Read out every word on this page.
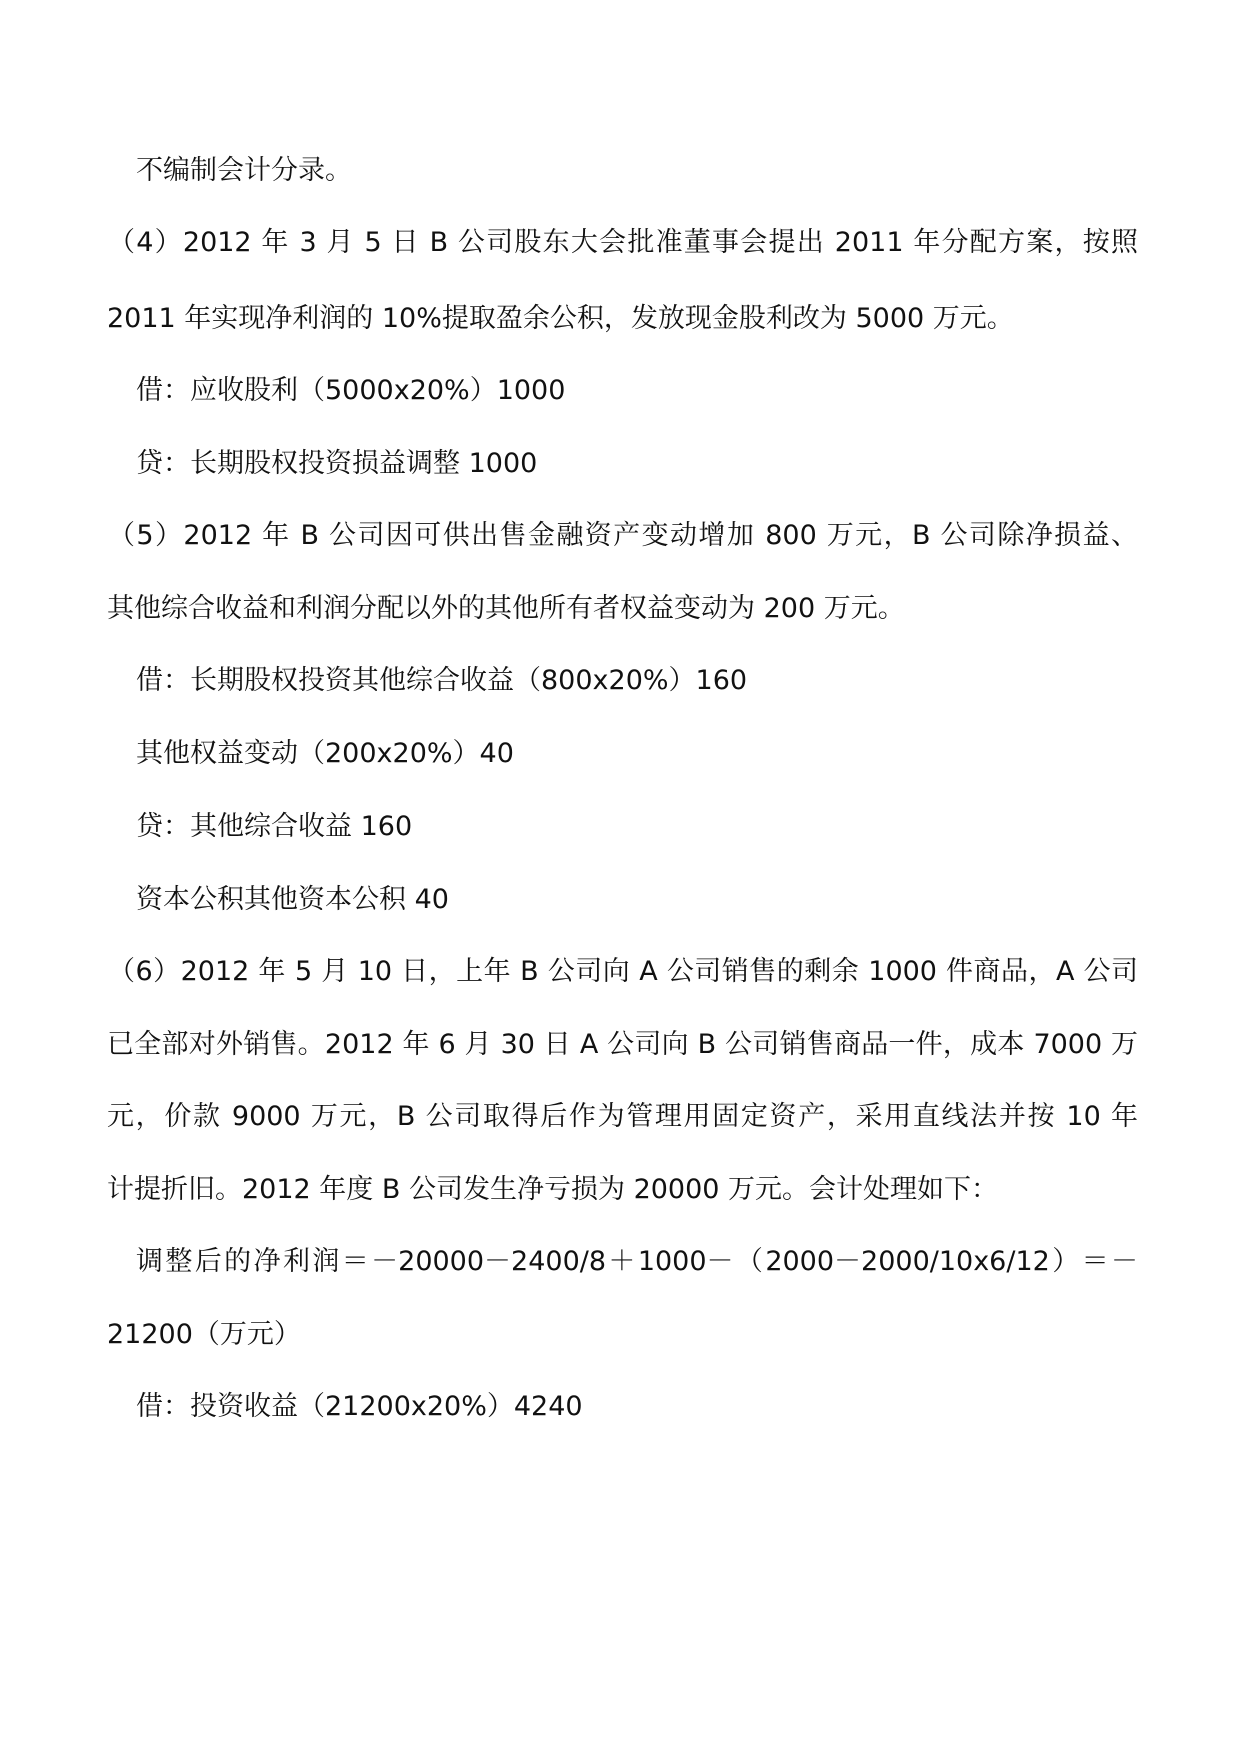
不编制会计分录。
（4）2012 年 3 月 5 日 B 公司股东大会批准董事会提出 2011 年分配方案，按照
2011 年实现净利润的 10%提取盈余公积，发放现金股利改为 5000 万元。
借：应收股利（5000x20%）1000
贷：长期股权投资损益调整 1000
（5）2012 年 B 公司因可供出售金融资产变动增加 800 万元，B 公司除净损益、
其他综合收益和利润分配以外的其他所有者权益变动为 200 万元。
借：长期股权投资其他综合收益（800x20%）160
其他权益变动（200x20%）40
贷：其他综合收益 160
资本公积其他资本公积 40
（6）2012 年 5 月 10 日，上年 B 公司向 A 公司销售的剩余 1000 件商品，A 公司
已全部对外销售。2012 年 6 月 30 日 A 公司向 B 公司销售商品一件，成本 7000 万
元，价款 9000 万元，B 公司取得后作为管理用固定资产，采用直线法并按 10 年
计提折旧。2012 年度 B 公司发生净亏损为 20000 万元。会计处理如下：
调整后的净利润＝－20000－2400/8＋1000－（2000－2000/10x6/12）＝－
21200（万元）
借：投资收益（21200x20%）4240
